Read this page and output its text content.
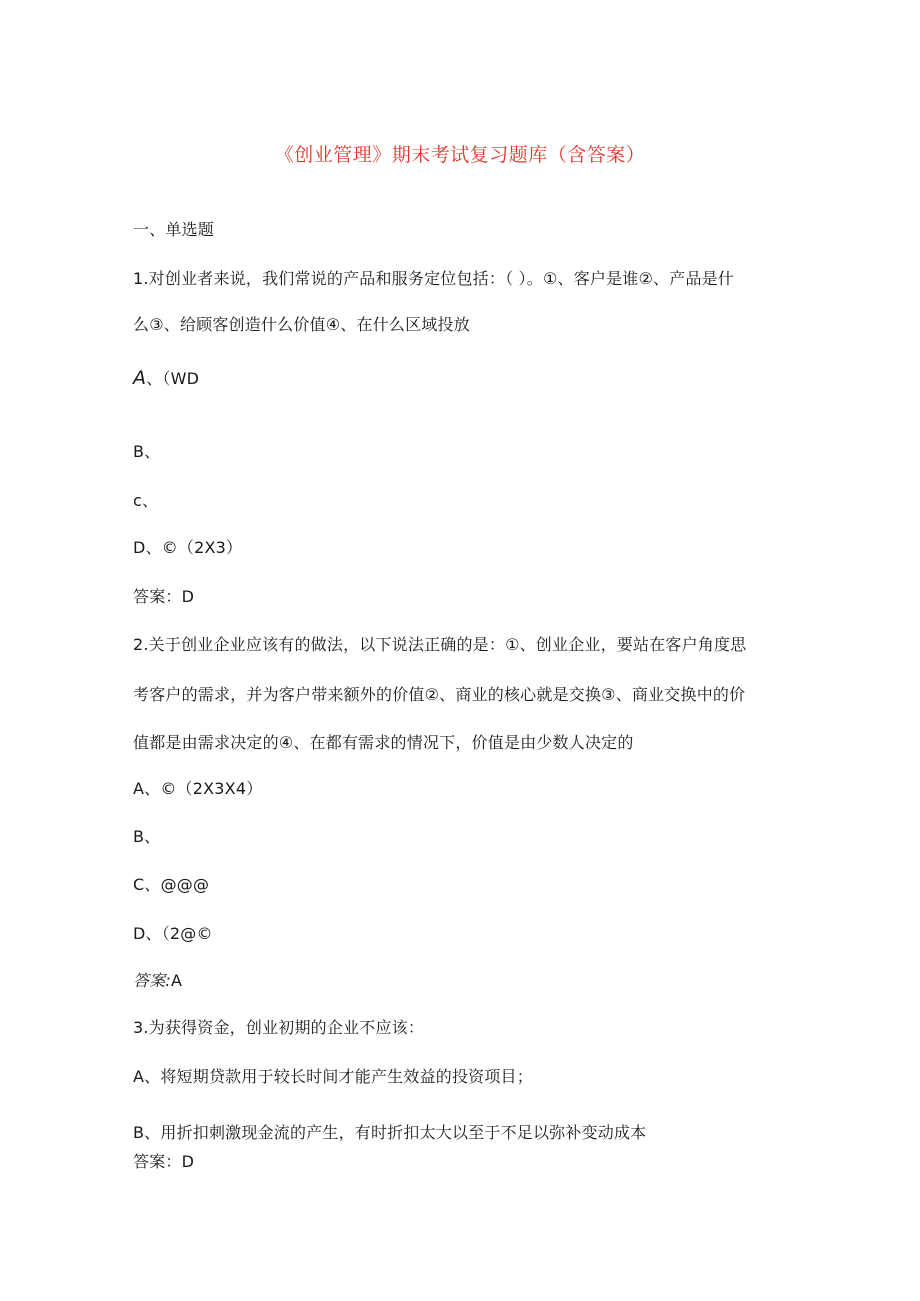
《创业管理》期末考试复习题库（含答案）
一、单选题
1.对创业者来说，我们常说的产品和服务定位包括：（ ）。①、客户是谁②、产品是什
么③、给顾客创造什么价值④、在什么区域投放
A、（WD
B、
c、
D、©（2X3）
答案：D
2.关于创业企业应该有的做法，以下说法正确的是：①、创业企业，要站在客户角度思
考客户的需求，并为客户带来额外的价值②、商业的核心就是交换③、商业交换中的价
值都是由需求决定的④、在都有需求的情况下，价值是由少数人决定的
A、©（2X3X4）
B、
C、@@@
D、（2@©
答案:A
3.为获得资金，创业初期的企业不应该：
A、将短期贷款用于较长时间才能产生效益的投资项目；
B、用折扣刺激现金流的产生，有时折扣太大以至于不足以弥补变动成本
答案：D
